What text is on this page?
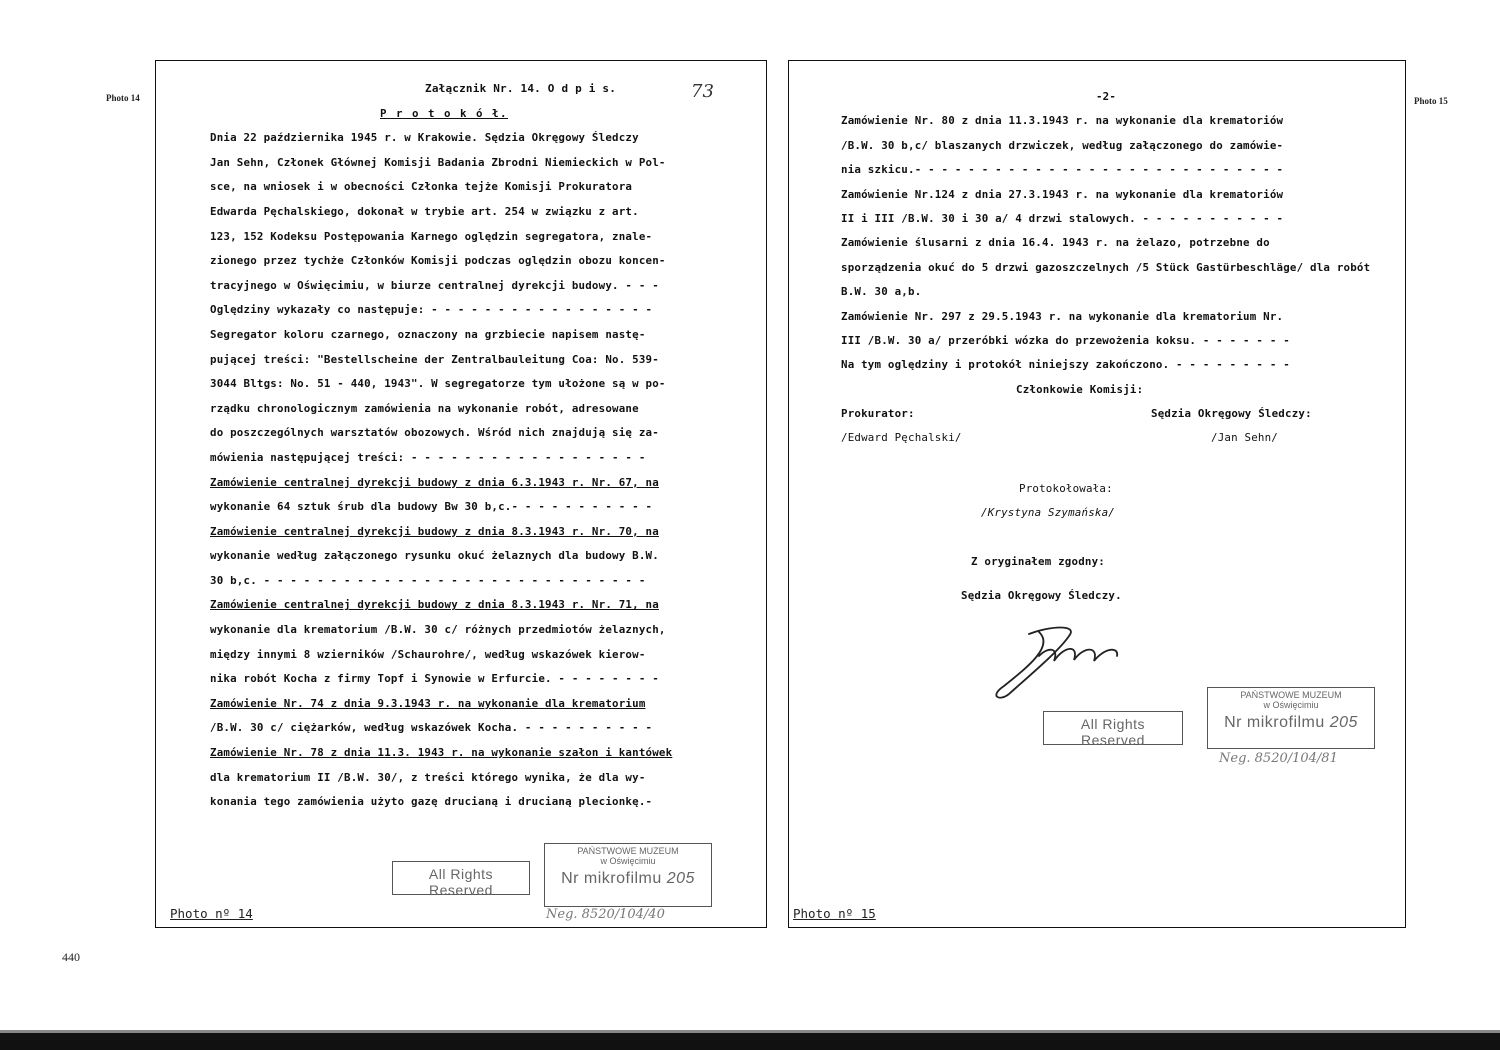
Photo 14	Photo 15
Załącznik Nr. 14. O d p i s.
P r o t o k ó ł.
Dnia 22 października 1945 r. w Krakowie. Sędzia Okręgowy Śledczy
Jan Sehn, Członek Głównej Komisji Badania Zbrodni Niemieckich w Pol-
sce, na wniosek i w obecności Członka tejże Komisji Prokuratora
Edwarda Pęchalskiego, dokonał w trybie art. 254 w związku z art.
123, 152 Kodeksu Postępowania Karnego oględzin segregatora, znale-
zionego przez tychże Członków Komisji podczas oględzin obozu koncen-
tracyjnego w Oświęcimiu, w biurze centralnej dyrekcji budowy. - - -
Oględziny wykazały co następuje: - - - - - - - - - - - - - - - - -
Segregator koloru czarnego, oznaczony na grzbiecie napisem nastę-
pującej treści: "Bestellscheine der Zentralbauleitung Coa: No. 539-
3044 Bltgs: No. 51 - 440, 1943". W segregatorze tym ułożone są w po-
rządku chronologicznym zamówienia na wykonanie robót, adresowane
do poszczególnych warsztatów obozowych. Wśród nich znajdują się za-
mówienia następującej treści: - - - - - - - - - - - - - - - - - -
Zamówienie centralnej dyrekcji budowy z dnia 6.3.1943 r. Nr. 67, na
wykonanie 64 sztuk śrub dla budowy Bw 30 b,c.- - - - - - - - - - -
Zamówienie centralnej dyrekcji budowy z dnia 8.3.1943 r. Nr. 70, na
wykonanie według załączonego rysunku okuć żelaznych dla budowy B.W.
30 b,c. - - - - - - - - - - - - - - - - - - - - - - - - - - - - -
Zamówienie centralnej dyrekcji budowy z dnia 8.3.1943 r. Nr. 71, na
wykonanie dla krematorium /B.W. 30 c/ różnych przedmiotów żelaznych,
między innymi 8 wzierników /Schaurohre/, według wskazówek kierow-
nika robót Kocha z firmy Topf i Synowie w Erfurcie. - - - - - - - -
Zamówienie Nr. 74 z dnia 9.3.1943 r. na wykonanie dla krematorium
/B.W. 30 c/ ciężarków, według wskazówek Kocha. - - - - - - - - - -
Zamówienie Nr. 78 z dnia 11.3. 1943 r. na wykonanie szałon i kantówek
dla krematorium II /B.W. 30/, z treści którego wynika, że dla wy-
konania tego zamówienia użyto gazę drucianą i drucianą plecionkę.-
73
All Rights Reserved
PAŃSTWOWE MUZEUM
w Oświęcimiu
Nr mikrofilmu 205
Neg. 8520/104/40
Photo nº 14
-2-
Zamówienie Nr. 80 z dnia 11.3.1943 r. na wykonanie dla krematoriów
/B.W. 30 b,c/ blaszanych drzwiczek, według załączonego do zamówie-
nia szkicu.- - - - - - - - - - - - - - - - - - - - - - - - - - - -
Zamówienie Nr.124 z dnia 27.3.1943 r. na wykonanie dla krematoriów
II i III /B.W. 30 i 30 a/ 4 drzwi stalowych. - - - - - - - - - - -
Zamówienie ślusarni z dnia 16.4. 1943 r. na żelazo, potrzebne do
sporządzenia okuć do 5 drzwi gazoszczelnych /5 Stück Gastürbeschläge/ dla robót B.W. 30 a,b.
Zamówienie Nr. 297 z 29.5.1943 r. na wykonanie dla krematorium Nr.
III /B.W. 30 a/ przeróbki wózka do przewożenia koksu. - - - - - - -
Na tym oględziny i protokół niniejszy zakończono. - - - - - - - - -
Członkowie Komisji:
Prokurator:	Sędzia Okręgowy Śledczy:
/Edward Pęchalski/	/Jan Sehn/
Protokołowała:
/Krystyna Szymańska/
Z oryginałem zgodny:
Sędzia Okręgowy Śledczy.
All Rights Reserved
PAŃSTWOWE MUZEUM
w Oświęcimiu
Nr mikrofilmu 205
Neg. 8520/104/81
Photo nº 15
440
